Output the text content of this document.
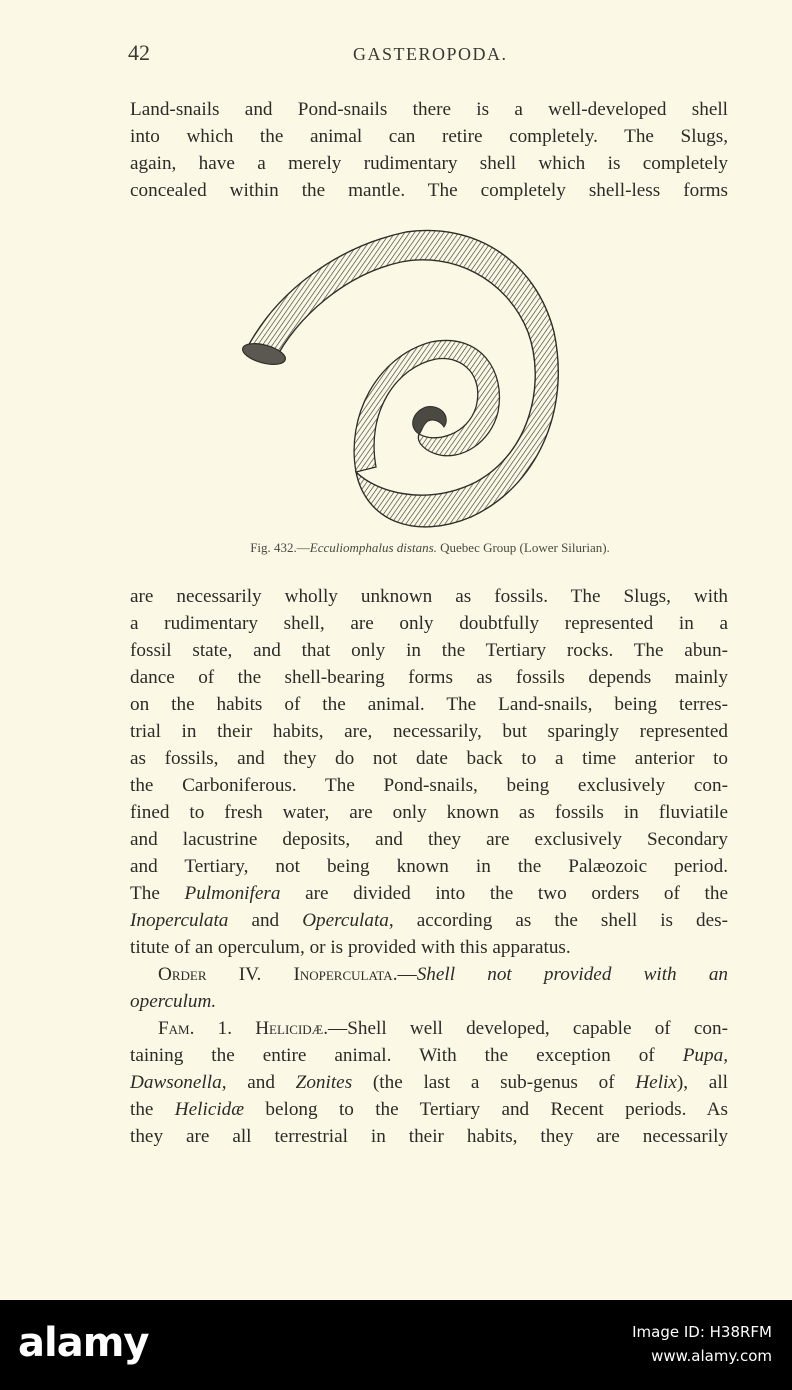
42	GASTEROPODA.
Land-snails and Pond-snails there is a well-developed shell
into which the animal can retire completely. The Slugs,
again, have a merely rudimentary shell which is completely
concealed within the mantle. The completely shell-less forms
Fig. 432.—Ecculiomphalus distans. Quebec Group (Lower Silurian).
are necessarily wholly unknown as fossils. The Slugs, with
a rudimentary shell, are only doubtfully represented in a
fossil state, and that only in the Tertiary rocks. The abun-
dance of the shell-bearing forms as fossils depends mainly
on the habits of the animal. The Land-snails, being terres-
trial in their habits, are, necessarily, but sparingly represented
as fossils, and they do not date back to a time anterior to
the Carboniferous. The Pond-snails, being exclusively con-
fined to fresh water, are only known as fossils in fluviatile
and lacustrine deposits, and they are exclusively Secondary
and Tertiary, not being known in the Palæozoic period.
The Pulmonifera are divided into the two orders of the
Inoperculata and Operculata, according as the shell is des-
titute of an operculum, or is provided with this apparatus.
Order IV. Inoperculata.—Shell not provided with an
operculum.
Fam. 1. Helicidæ.—Shell well developed, capable of con-
taining the entire animal. With the exception of Pupa,
Dawsonella, and Zonites (the last a sub-genus of Helix), all
the Helicidæ belong to the Tertiary and Recent periods. As
they are all terrestrial in their habits, they are necessarily
alamy	Image ID: H38RFM
www.alamy.com
